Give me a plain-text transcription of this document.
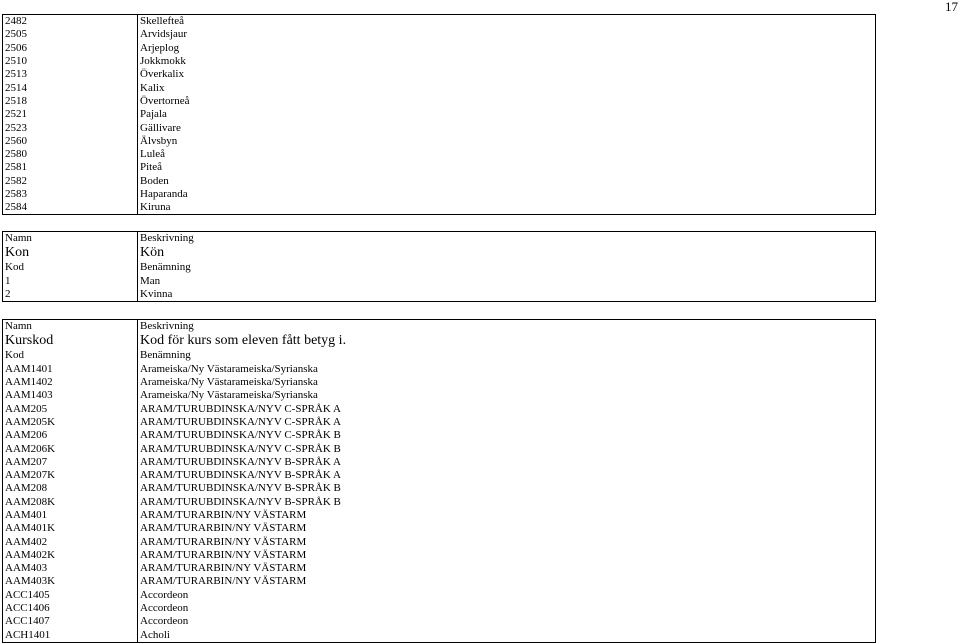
17
2482	Skellefteå
2505	Arvidsjaur
2506	Arjeplog
2510	Jokkmokk
2513	Överkalix
2514	Kalix
2518	Övertorneå
2521	Pajala
2523	Gällivare
2560	Älvsbyn
2580	Luleå
2581	Piteå
2582	Boden
2583	Haparanda
2584	Kiruna
Namn	Beskrivning
Kon	Kön
Kod	Benämning
1	Man
2	Kvinna
Namn	Beskrivning
Kurskod	Kod för kurs som eleven fått betyg i.
Kod	Benämning
AAM1401	Arameiska/Ny Västarameiska/Syrianska
AAM1402	Arameiska/Ny Västarameiska/Syrianska
AAM1403	Arameiska/Ny Västarameiska/Syrianska
AAM205	ARAM/TURUBDINSKA/NYV C-SPRÅK A
AAM205K	ARAM/TURUBDINSKA/NYV C-SPRÅK A
AAM206	ARAM/TURUBDINSKA/NYV C-SPRÅK B
AAM206K	ARAM/TURUBDINSKA/NYV C-SPRÅK B
AAM207	ARAM/TURUBDINSKA/NYV B-SPRÅK A
AAM207K	ARAM/TURUBDINSKA/NYV B-SPRÅK A
AAM208	ARAM/TURUBDINSKA/NYV B-SPRÅK B
AAM208K	ARAM/TURUBDINSKA/NYV B-SPRÅK B
AAM401	ARAM/TURARBIN/NY VÄSTARM
AAM401K	ARAM/TURARBIN/NY VÄSTARM
AAM402	ARAM/TURARBIN/NY VÄSTARM
AAM402K	ARAM/TURARBIN/NY VÄSTARM
AAM403	ARAM/TURARBIN/NY VÄSTARM
AAM403K	ARAM/TURARBIN/NY VÄSTARM
ACC1405	Accordeon
ACC1406	Accordeon
ACC1407	Accordeon
ACH1401	Acholi
